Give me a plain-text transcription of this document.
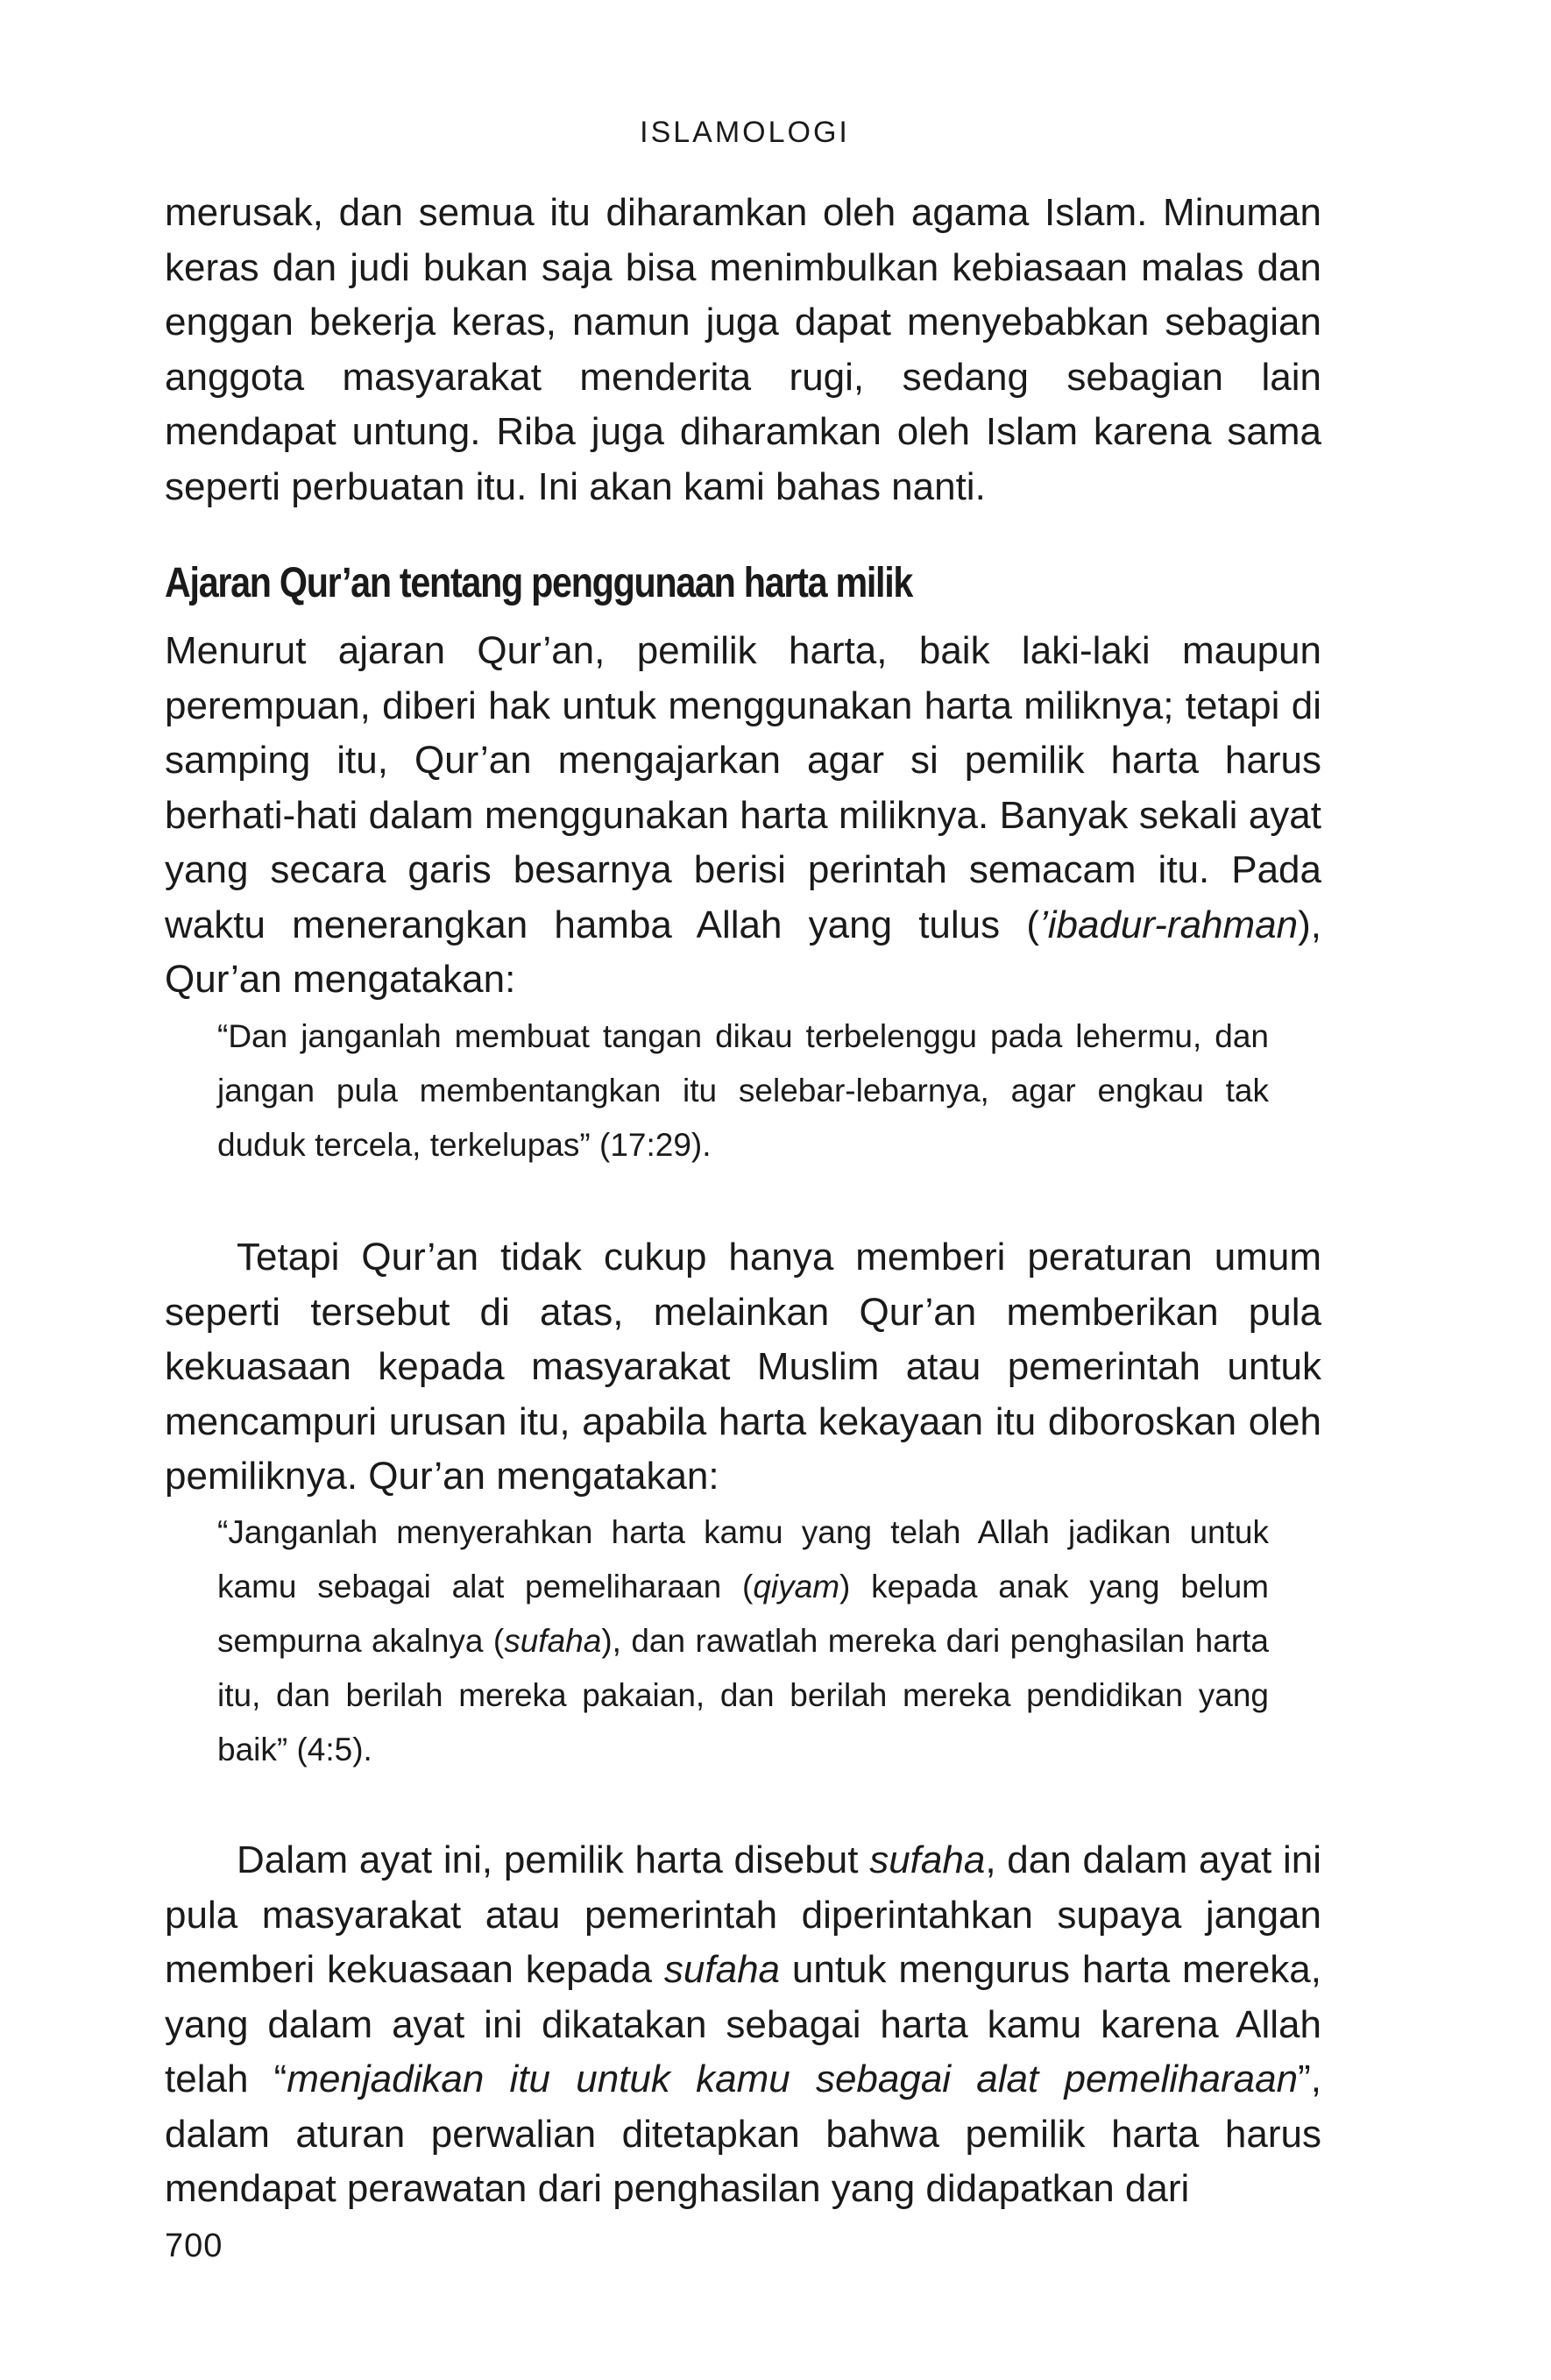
ISLAMOLOGI

merusak, dan semua itu diharamkan oleh agama Islam. Minuman keras dan judi bukan saja bisa menimbulkan kebiasaan malas dan enggan bekerja keras, namun juga dapat menyebabkan sebagian anggota masyarakat menderita rugi, sedang sebagian lain mendapat untung. Riba juga diharamkan oleh Islam karena sama seperti perbuatan itu. Ini akan kami bahas nanti.

Ajaran Qur’an tentang penggunaan harta milik

Menurut ajaran Qur’an, pemilik harta, baik laki-laki maupun perempuan, diberi hak untuk menggunakan harta miliknya; tetapi di samping itu, Qur’an mengajarkan agar si pemilik harta harus berhati-hati dalam menggunakan harta miliknya. Banyak sekali ayat yang secara garis besarnya berisi perintah semacam itu. Pada waktu menerangkan hamba Allah yang tulus (’ibadur-rahman), Qur’an mengatakan:

“Dan janganlah membuat tangan dikau terbelenggu pada lehermu, dan jangan pula membentangkan itu selebar-lebarnya, agar engkau tak duduk tercela, terkelupas” (17:29).

Tetapi Qur’an tidak cukup hanya memberi peraturan umum seperti tersebut di atas, melainkan Qur’an memberikan pula kekuasaan kepada masyarakat Muslim atau pemerintah untuk mencampuri urusan itu, apabila harta kekayaan itu diboroskan oleh pemiliknya. Qur’an mengatakan:

“Janganlah menyerahkan harta kamu yang telah Allah jadikan untuk kamu sebagai alat pemeliharaan (qiyam) kepada anak yang belum sempurna akalnya (sufaha), dan rawatlah mereka dari penghasilan harta itu, dan berilah mereka pakaian, dan berilah mereka pendidikan yang baik” (4:5).

Dalam ayat ini, pemilik harta disebut sufaha, dan dalam ayat ini pula masyarakat atau pemerintah diperintahkan supaya jangan memberi kekuasaan kepada sufaha untuk mengurus harta mereka, yang dalam ayat ini dikatakan sebagai harta kamu karena Allah telah “menjadikan itu untuk kamu sebagai alat pemeliharaan”, dalam aturan perwalian ditetapkan bahwa pemilik harta harus mendapat perawatan dari penghasilan yang didapatkan dari

700
